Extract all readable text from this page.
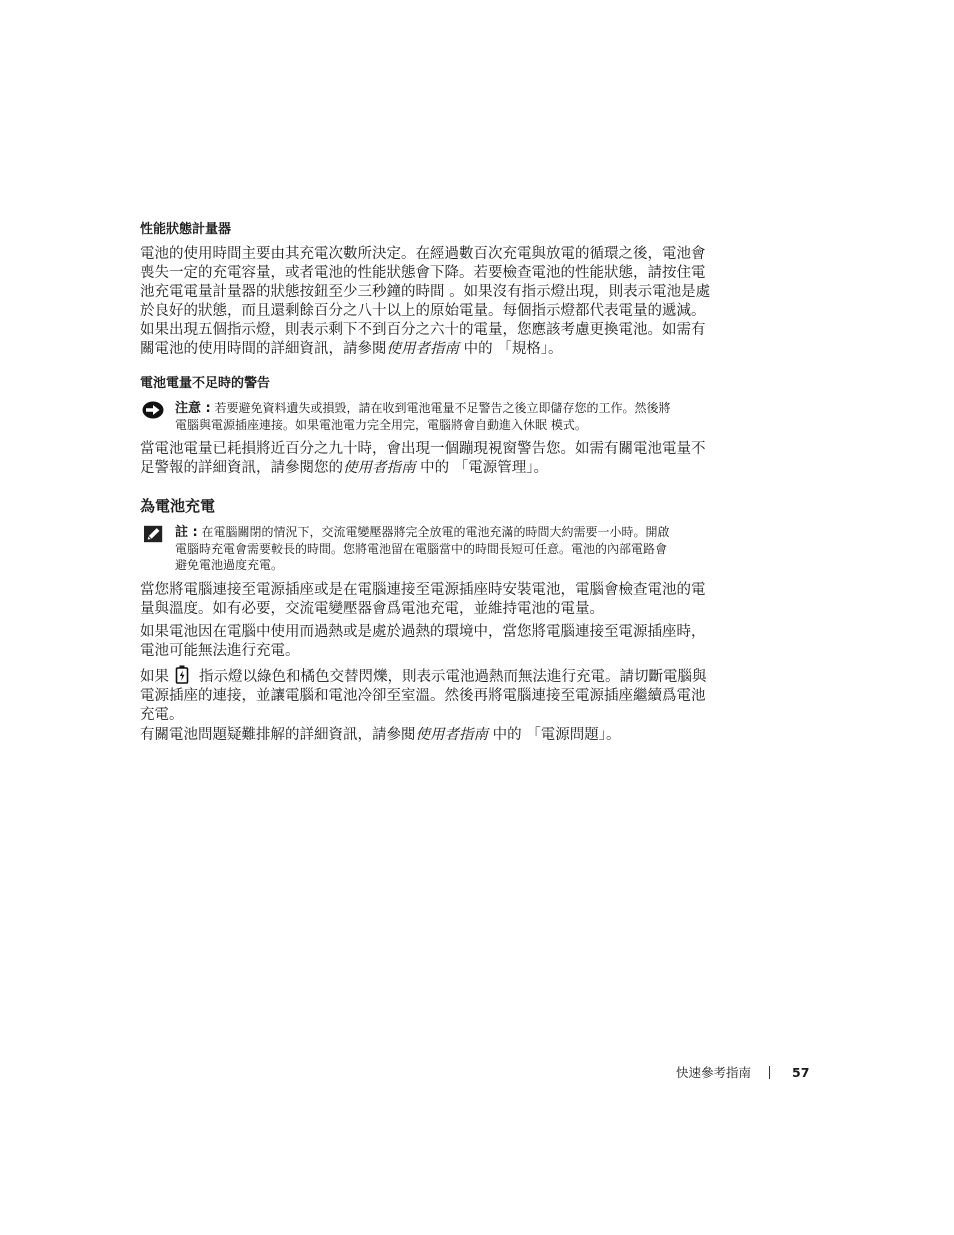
性能狀態計量器

電池的使用時間主要由其充電次數所決定。在經過數百次充電與放電的循環之後，電池會
喪失一定的充電容量，或者電池的性能狀態會下降。若要檢查電池的性能狀態，請按住電
池充電電量計量器的狀態按鈕至少三秒鐘的時間 。如果沒有指示燈出現，則表示電池是處
於良好的狀態，而且還剩餘百分之八十以上的原始電量。每個指示燈都代表電量的遞減。
如果出現五個指示燈，則表示剩下不到百分之六十的電量，您應該考慮更換電池。如需有
關電池的使用時間的詳細資訊，請參閱使用者指南 中的 「規格」。

電池電量不足時的警告
注意 : 若要避免資料遺失或損毀，請在收到電池電量不足警告之後立即儲存您的工作。然後將
電腦與電源插座連接。如果電池電力完全用完，電腦將會自動進入休眠 模式。

當電池電量已耗損將近百分之九十時，會出現一個蹦現視窗警告您。如需有關電池電量不
足警報的詳細資訊，請參閱您的使用者指南 中的 「電源管理」。

為電池充電
註 : 在電腦關閉的情況下，交流電變壓器將完全放電的電池充滿的時間大約需要一小時。開啟
電腦時充電會需要較長的時間。您將電池留在電腦當中的時間長短可任意。電池的內部電路會
避免電池過度充電。

當您將電腦連接至電源插座或是在電腦連接至電源插座時安裝電池，電腦會檢查電池的電
量與溫度。如有必要，交流電變壓器會爲電池充電，並維持電池的電量。

如果電池因在電腦中使用而過熱或是處於過熱的環境中，當您將電腦連接至電源插座時，
電池可能無法進行充電。

如果 指示燈以綠色和橘色交替閃爍，則表示電池過熱而無法進行充電。請切斷電腦與
電源插座的連接，並讓電腦和電池冷卻至室溫。然後再將電腦連接至電源插座繼續爲電池
充電。

有關電池問題疑難排解的詳細資訊，請參閱使用者指南 中的 「電源問題」。

快速參考指南	57
